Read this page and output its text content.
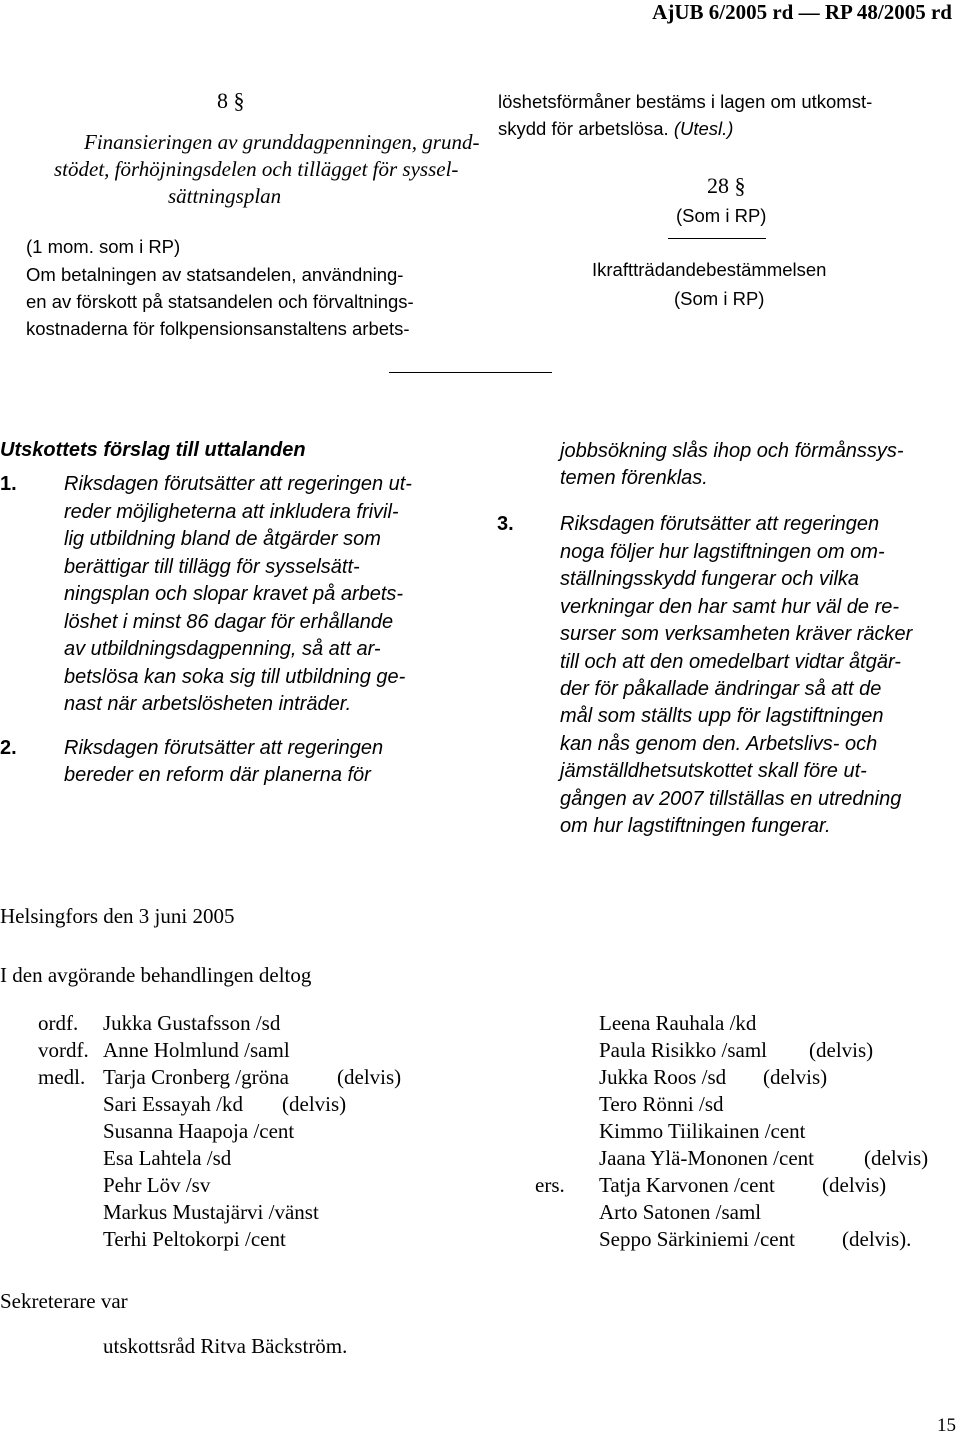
AjUB 6/2005 rd — RP 48/2005 rd
8 §
Finansieringen av grunddagpenningen, grund-
stödet, förhöjningsdelen och tillägget för syssel-
sättningsplan
(1 mom. som i RP)
Om betalningen av statsandelen, användning-
en av förskott på statsandelen och förvaltnings-
kostnaderna för folkpensionsanstaltens arbets-
löshetsförmåner bestäms i lagen om utkomst-
skydd för arbetslösa. (Utesl.)
28 §
(Som i RP)
Ikraftträdandebestämmelsen
(Som i RP)
Utskottets förslag till uttalanden
1. Riksdagen förutsätter att regeringen ut-
reder möjligheterna att inkludera frivil-
lig utbildning bland de åtgärder som
berättigar till tillägg för sysselsätt-
ningsplan och slopar kravet på arbets-
löshet i minst 86 dagar för erhållande
av utbildningsdagpenning, så att ar-
betslösa kan soka sig till utbildning ge-
nast när arbetslösheten inträder.
2. Riksdagen förutsätter att regeringen
bereder en reform där planerna för
jobbsökning slås ihop och förmånssys-
temen förenklas.
3. Riksdagen förutsätter att regeringen
noga följer hur lagstiftningen om om-
ställningsskydd fungerar och vilka
verkningar den har samt hur väl de re-
surser som verksamheten kräver räcker
till och att den omedelbart vidtar åtgär-
der för påkallade ändringar så att de
mål som ställts upp för lagstiftningen
kan nås genom den. Arbetslivs- och
jämställdhetsutskottet skall före ut-
gången av 2007 tillställas en utredning
om hur lagstiftningen fungerar.
Helsingfors den 3 juni 2005
I den avgörande behandlingen deltog
ordf.
vordf.
medl.
Jukka Gustafsson /sd
Anne Holmlund /saml
Tarja Cronberg /gröna
Sari Essayah /kd
Susanna Haapoja /cent
Esa Lahtela /sd
Pehr Löv /sv
Markus Mustajärvi /vänst
Terhi Peltokorpi /cent
(delvis)
(delvis)
ers.
Leena Rauhala /kd
Paula Risikko /saml
Jukka Roos /sd
Tero Rönni /sd
Kimmo Tiilikainen /cent
Jaana Ylä-Mononen /cent
Tatja Karvonen /cent
Arto Satonen /saml
Seppo Särkiniemi /cent
(delvis)
(delvis)
(delvis)
(delvis)
(delvis).
Sekreterare var
utskottsråd Ritva Bäckström.
15
